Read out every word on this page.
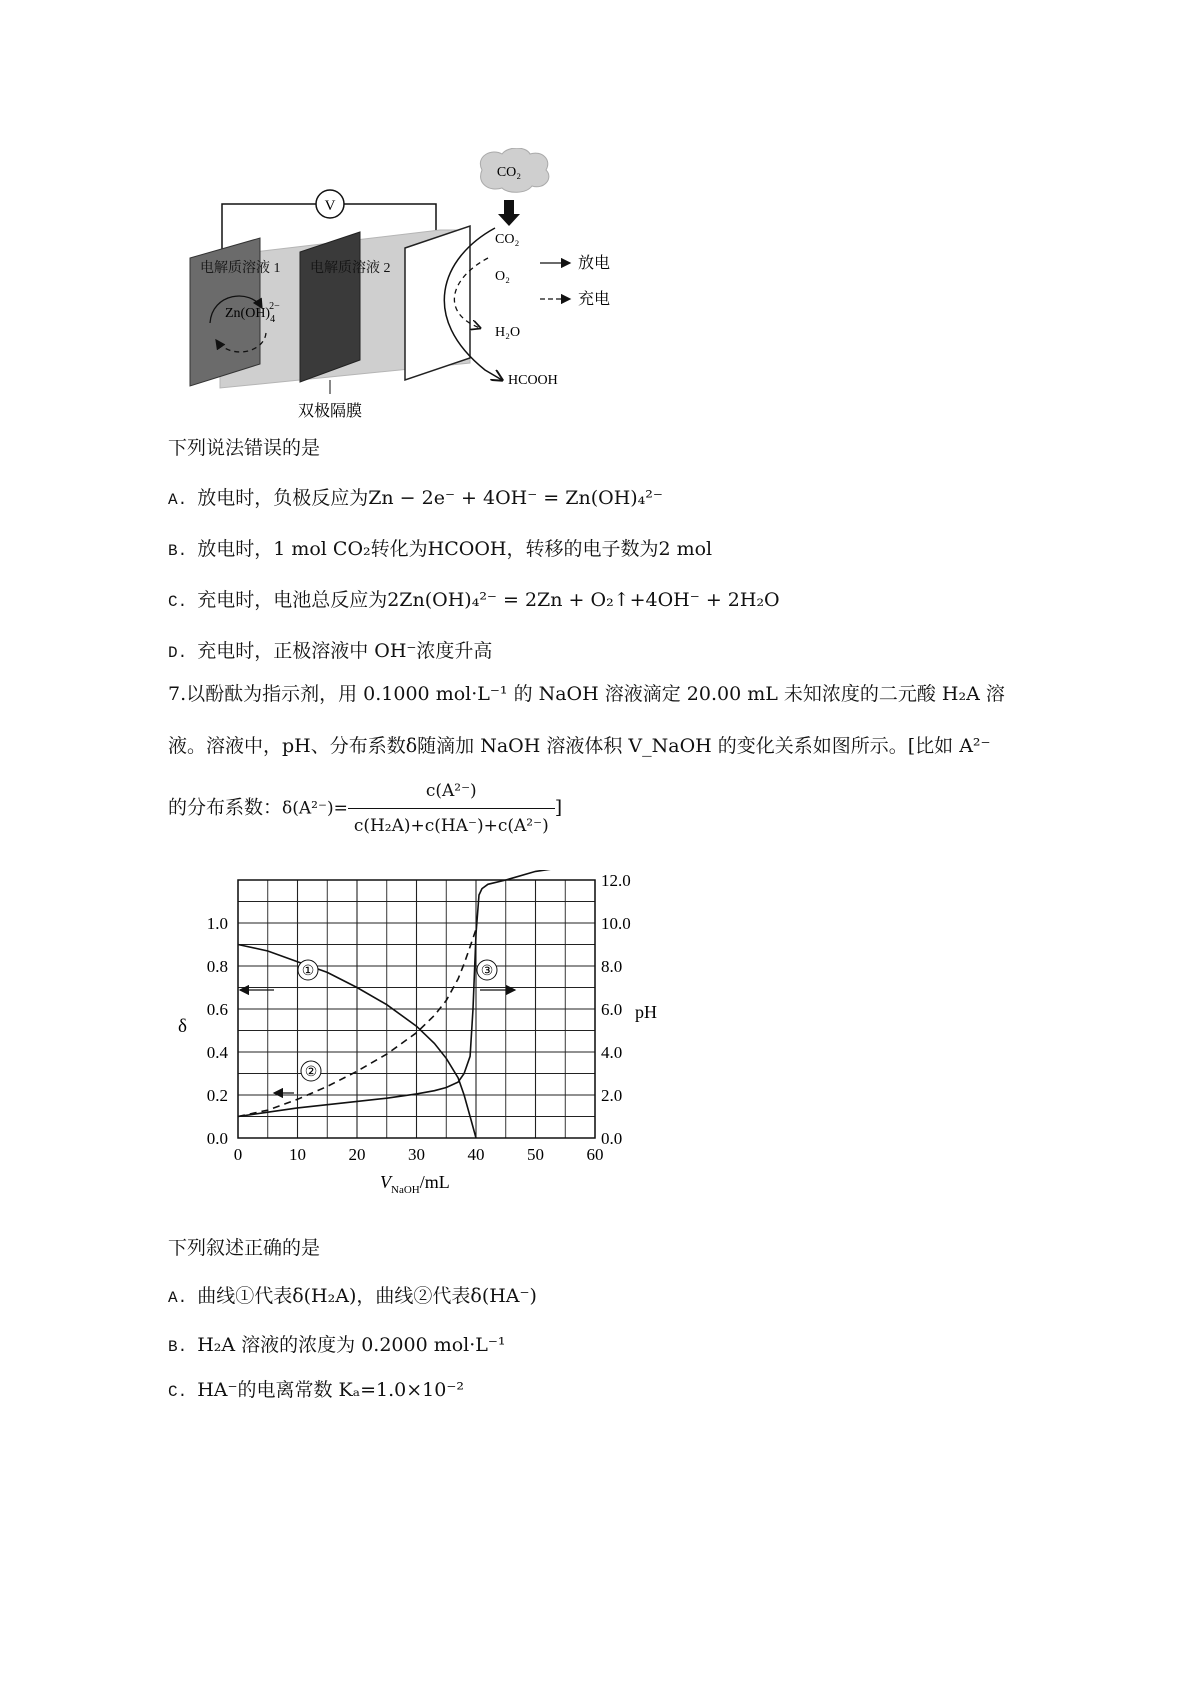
V
电解质溶液 1 电解质溶液 2
$Zn(OH)_42-$
CO₂
CO₂
O₂
H₂O
HCOOH
放电
充电
双极隔膜
下列说法错误的是
A. 放电时，负极反应为Zn − 2e⁻ + 4OH⁻ = Zn(OH)₄²⁻
B. 放电时，1 mol CO₂转化为HCOOH，转移的电子数为2 mol
C. 充电时，电池总反应为2Zn(OH)₄²⁻ = 2Zn + O₂↑+4OH⁻ + 2H₂O
D. 充电时，正极溶液中 OH⁻浓度升高
7.以酚酞为指示剂，用 0.1000 mol·L⁻¹ 的 NaOH 溶液滴定 20.00 mL 未知浓度的二元酸 H₂A 溶
液。溶液中，pH、分布系数δ随滴加 NaOH 溶液体积 V_NaOH 的变化关系如图所示。[比如 A²⁻
的分布系数：$\delta(A^{2-})= \frac{\text{c(A²⁻)}}{\text{c(H₂A)+c(HA⁻)+c(A²⁻)}}$ ]
0	10	20	30	40	50	60
0.0
0.2
0.4
0.6
0.8
1.0
0.0
2.0
4.0
6.0
8.0
10.0
12.0
①
②
③
δ
pH
$V_{NaOH}/mL$
下列叙述正确的是
A. 曲线①代表δ(H₂A)，曲线②代表δ(HA⁻)
B. H₂A 溶液的浓度为 0.2000 mol·L⁻¹
C. HA⁻的电离常数 Kₐ=1.0×10⁻²
